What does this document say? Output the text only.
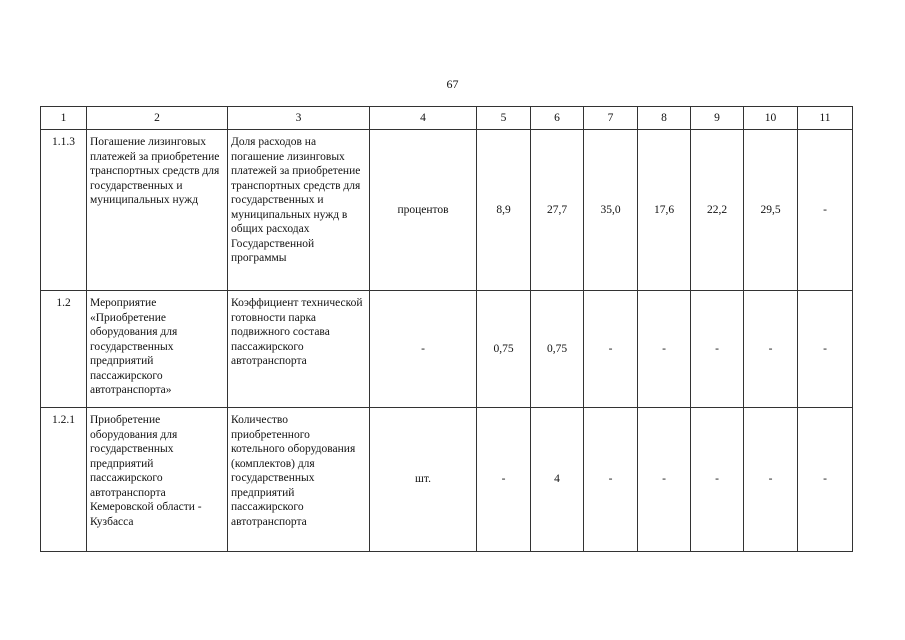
67
1	2	3	4	5	6	7	8	9	10	11
1.1.3	Погашение лизинговых платежей за приобретение транспортных средств для государственных и муниципальных нужд	Доля расходов на погашение лизинговых платежей за приобретение транспортных средств для государственных и муниципальных нужд в общих расходах Государственной программы	процентов	8,9	27,7	35,0	17,6	22,2	29,5	-
1.2	Мероприятие «Приобретение оборудования для государственных предприятий пассажирского автотранспорта»	Коэффициент технической готовности парка подвижного состава пассажирского автотранспорта	-	0,75	0,75	-	-	-	-	-
1.2.1	Приобретение оборудования для государственных предприятий пассажирского автотранспорта Кемеровской области - Кузбасса	Количество приобретенного котельного оборудования (комплектов) для государственных предприятий пассажирского автотранспорта	шт.	-	4	-	-	-	-	-
